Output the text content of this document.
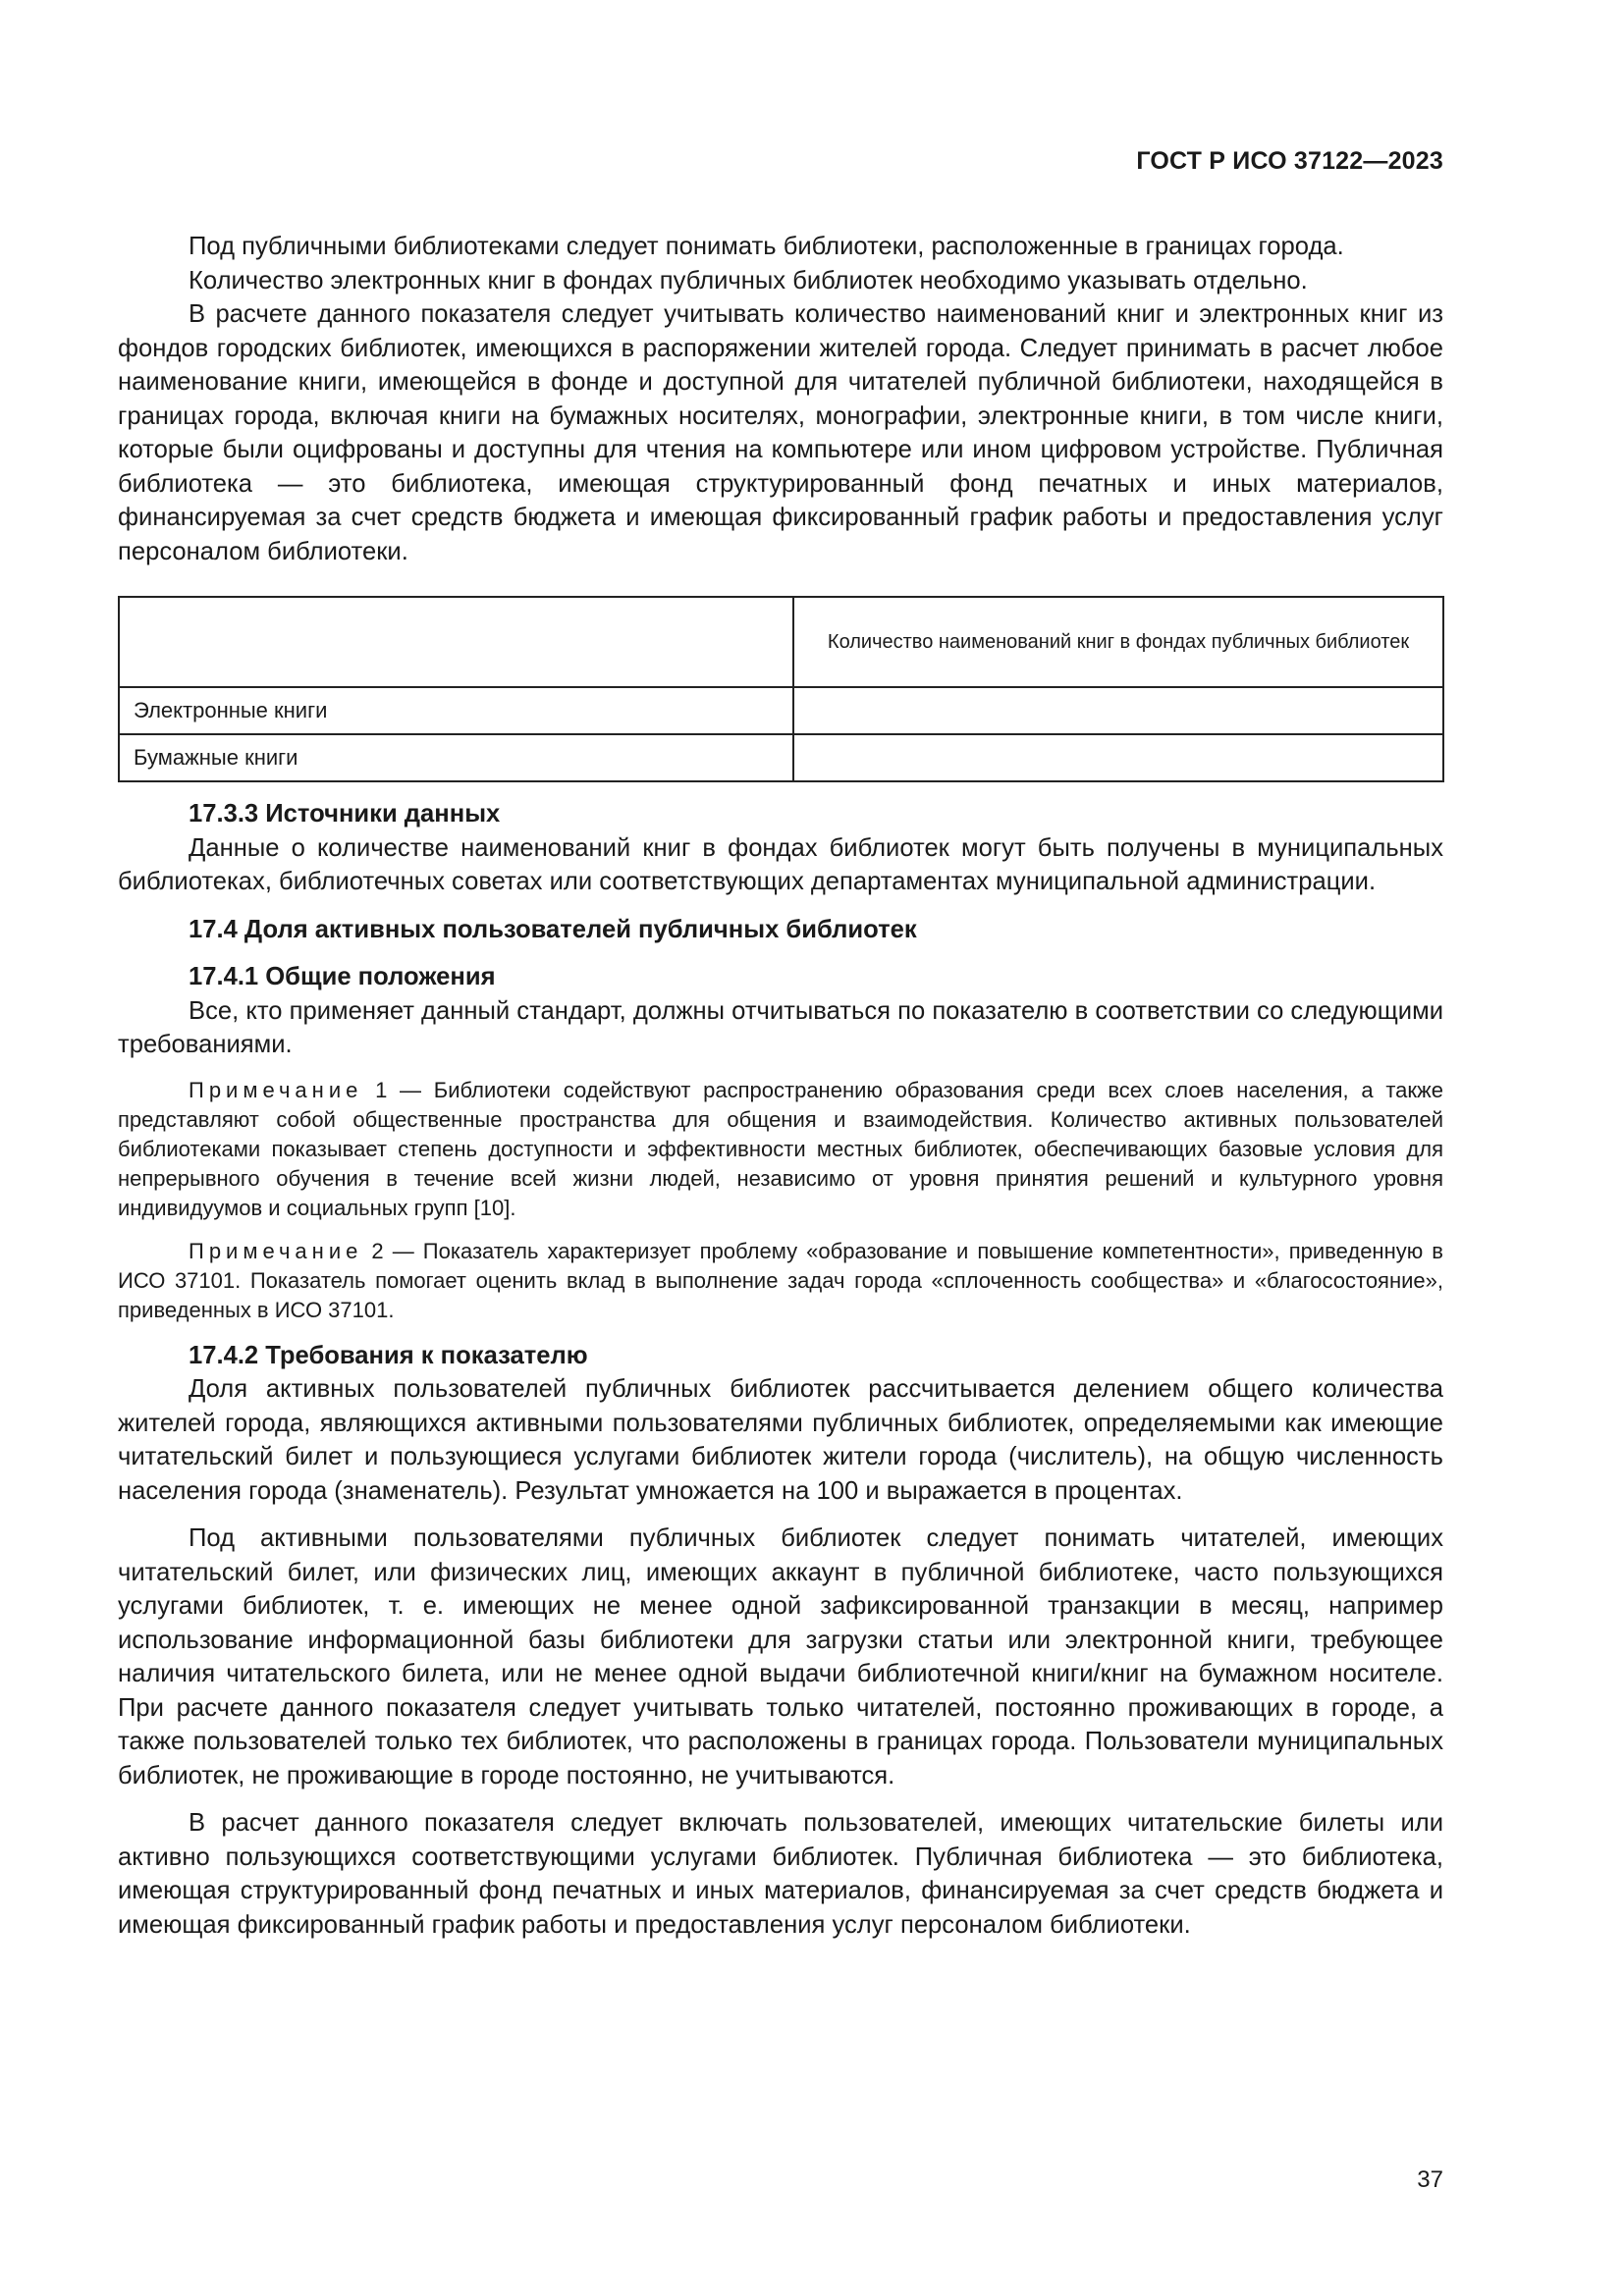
ГОСТ Р ИСО 37122—2023

Под публичными библиотеками следует понимать библиотеки, расположенные в границах города.

Количество электронных книг в фондах публичных библиотек необходимо указывать отдельно.

В расчете данного показателя следует учитывать количество наименований книг и электронных книг из фондов городских библиотек, имеющихся в распоряжении жителей города. Следует принимать в расчет любое наименование книги, имеющейся в фонде и доступной для читателей публичной библиотеки, находящейся в границах города, включая книги на бумажных носителях, монографии, электронные книги, в том числе книги, которые были оцифрованы и доступны для чтения на компьютере или ином цифровом устройстве. Публичная библиотека — это библиотека, имеющая структурированный фонд печатных и иных материалов, финансируемая за счет средств бюджета и имеющая фиксированный график работы и предоставления услуг персоналом библиотеки.

	Количество наименований книг в фондах публичных библиотек
Электронные книги	
Бумажные книги	

17.3.3 Источники данных

Данные о количестве наименований книг в фондах библиотек могут быть получены в муниципальных библиотеках, библиотечных советах или соответствующих департаментах муниципальной администрации.

17.4 Доля активных пользователей публичных библиотек

17.4.1 Общие положения

Все, кто применяет данный стандарт, должны отчитываться по показателю в соответствии со следующими требованиями.

Примечание 1 — Библиотеки содействуют распространению образования среди всех слоев населения, а также представляют собой общественные пространства для общения и взаимодействия. Количество активных пользователей библиотеками показывает степень доступности и эффективности местных библиотек, обеспечивающих базовые условия для непрерывного обучения в течение всей жизни людей, независимо от уровня принятия решений и культурного уровня индивидуумов и социальных групп [10].

Примечание 2 — Показатель характеризует проблему «образование и повышение компетентности», приведенную в ИСО 37101. Показатель помогает оценить вклад в выполнение задач города «сплоченность сообщества» и «благосостояние», приведенных в ИСО 37101.

17.4.2 Требования к показателю

Доля активных пользователей публичных библиотек рассчитывается делением общего количества жителей города, являющихся активными пользователями публичных библиотек, определяемыми как имеющие читательский билет и пользующиеся услугами библиотек жители города (числитель), на общую численность населения города (знаменатель). Результат умножается на 100 и выражается в процентах.

Под активными пользователями публичных библиотек следует понимать читателей, имеющих читательский билет, или физических лиц, имеющих аккаунт в публичной библиотеке, часто пользующихся услугами библиотек, т. е. имеющих не менее одной зафиксированной транзакции в месяц, например использование информационной базы библиотеки для загрузки статьи или электронной книги, требующее наличия читательского билета, или не менее одной выдачи библиотечной книги/книг на бумажном носителе. При расчете данного показателя следует учитывать только читателей, постоянно проживающих в городе, а также пользователей только тех библиотек, что расположены в границах города. Пользователи муниципальных библиотек, не проживающие в городе постоянно, не учитываются.

В расчет данного показателя следует включать пользователей, имеющих читательские билеты или активно пользующихся соответствующими услугами библиотек. Публичная библиотека — это библиотека, имеющая структурированный фонд печатных и иных материалов, финансируемая за счет средств бюджета и имеющая фиксированный график работы и предоставления услуг персоналом библиотеки.

37
